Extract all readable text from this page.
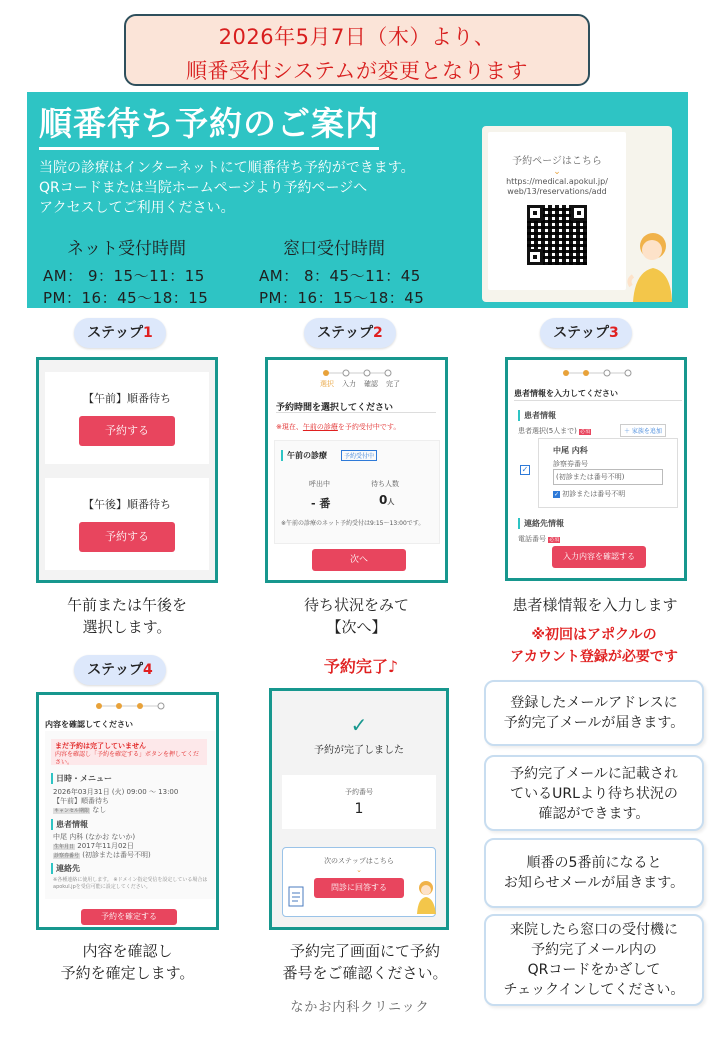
2026年5月7日（木）より、
順番受付システムが変更となります
順番待ち予約のご案内
当院の診療はインターネットにて順番待ち予約ができます。
QRコードまたは当院ホームページより予約ページへ
アクセスしてご利用ください。
ネット受付時間
AM： 9：15～11：15
PM：16：45～18：15
窓口受付時間
AM： 8：45～11：45
PM：16：15～18：45
予約ページはこちら
⌄
https://medical.apokul.jp/
web/13/reservations/add
ステップ1	ステップ2	ステップ3
ステップ4
【午前】順番待ち
予約する
【午後】順番待ち
予約する
午前または午後を
選択します。
選択 入力 確認 完了
予約時間を選択してください
※現在、午前の診療を予約受付中です。
午前の診療	予約受付中
呼出中
- 番
待ち人数
0人
※午前の診療のネット予約受付は9:15～13:00です。
次へ
待ち状況をみて
【次へ】
患者情報を入力してください
患者情報
患者選択(5人まで) 必須	＋ 家族を追加
✓
中尾 内科
診察券番号
(初診または番号不明)
✓ 初診または番号不明
連絡先情報
電話番号 必須
入力内容を確認する
患者様情報を入力します
※初回はアポクルの
アカウント登録が必要です
内容を確認してください
まだ予約は完了していません
内容を確認し「予約を確定する」ボタンを押してください。
日時・メニュー
2026年03月31日 (火) 09:00 ～ 13:00
【午前】順番待ち
キャンセル期限 なし
患者情報
中尾 内科 (なかお ないか)
生年月日 2017年11月02日
診察券番号 (初診または番号不明)
連絡先
※各種連絡に使用します。 ※ドメイン指定受信を設定している場合はapokul.jpを受信可能に設定してください。
予約を確定する
内容を確認し
予約を確定します。
予約完了♪
✓
予約が完了しました
予約番号
1
次のステップはこちら
⌄
問診に回答する
予約完了画面にて予約
番号をご確認ください。
登録したメールアドレスに
予約完了メールが届きます。
予約完了メールに記載され
ているURLより待ち状況の
確認ができます。
順番の5番前になると
お知らせメールが届きます。
来院したら窓口の受付機に
予約完了メール内の
QRコードをかざして
チェックインしてください。
なかお内科クリニック
